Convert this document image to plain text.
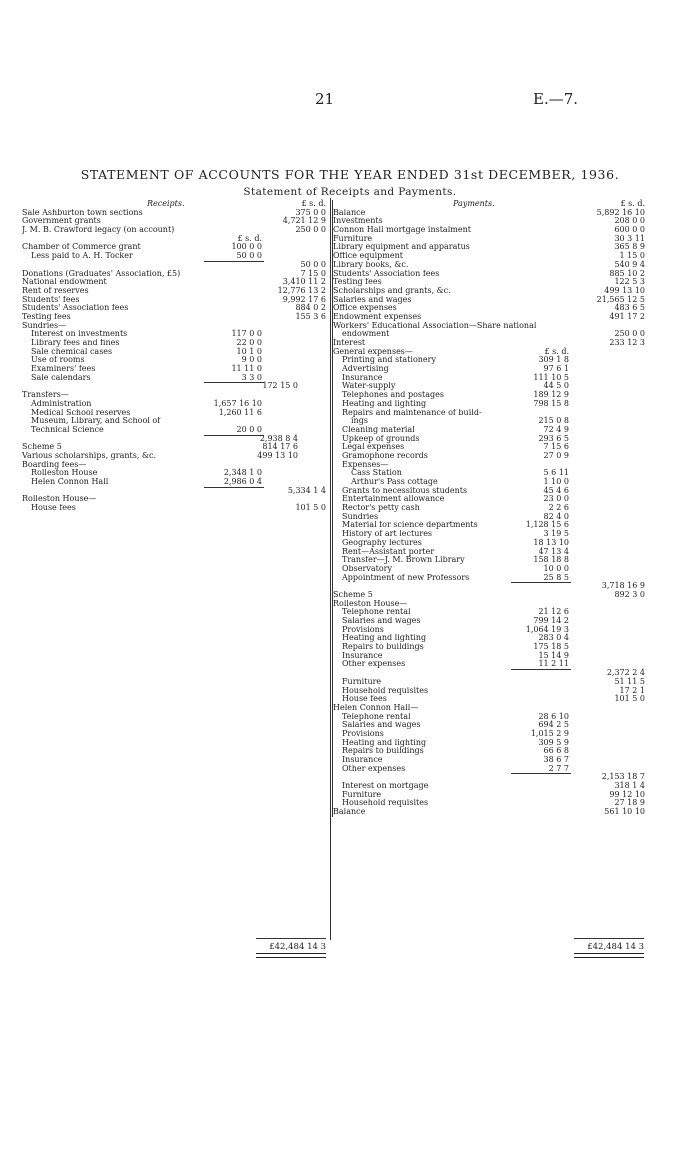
21	E.—7.
STATEMENT OF ACCOUNTS FOR THE YEAR ENDED 31st DECEMBER, 1936.
Statement of Receipts and Payments.
Receipts.	£ s. d.
Sale Ashburton town sections	375 0 0
Government grants	4,721 12 9
J. M. B. Crawford legacy (on account)	250 0 0
£ s. d.
Chamber of Commerce grant	100 0 0
Less paid to A. H. Tocker	50 0 0
50 0 0
Donations (Graduates' Association, £5)	7 15 0
National endowment	3,410 11 2
Rent of reserves	12,776 13 2
Students' fees	9,992 17 6
Students' Association fees	884 0 2
Testing fees	155 3 6
Sundries—
Interest on investments	117 0 0
Library fees and fines	22 0 0
Sale chemical cases	10 1 0
Use of rooms	9 0 0
Examiners' fees	11 11 0
Sale calendars	3 3 0
172 15 0
Transfers—
Administration	1,657 16 10
Medical School reserves	1,260 11 6
Museum, Library, and School of
Technical Science	20 0 0
2,938 8 4
Scheme 5	814 17 6
Various scholarships, grants, &c.	499 13 10
Boarding fees—
Rolleston House	2,348 1 0
Helen Connon Hall	2,986 0 4
5,334 1 4
Rolleston House—
House fees	101 5 0
Payments.	£ s. d.
Balance	5,892 16 10
Investments	208 0 0
Connon Hall mortgage instalment	600 0 0
Furniture	30 3 11
Library equipment and apparatus	365 8 9
Office equipment	1 15 0
Library books, &c.	540 9 4
Students' Association fees	885 10 2
Testing fees	122 5 3
Scholarships and grants, &c.	499 13 10
Salaries and wages	21,565 12 5
Office expenses	483 6 5
Endowment expenses	491 17 2
Workers' Educational Association—Share national
endowment	250 0 0
Interest	233 12 3
General expenses—	£ s. d.
Printing and stationery	309 1 8
Advertising	97 6 1
Insurance	111 10 5
Water-supply	44 5 0
Telephones and postages	189 12 9
Heating and lighting	798 15 8
Repairs and maintenance of build-
ings	215 0 8
Cleaning material	72 4 9
Upkeep of grounds	293 6 5
Legal expenses	7 15 6
Gramophone records	27 0 9
Expenses—
Cass Station	5 6 11
Arthur's Pass cottage	1 10 0
Grants to necessitous students	45 4 6
Entertainment allowance	23 0 0
Rector's petty cash	2 2 6
Sundries	82 4 0
Material for science departments	1,128 15 6
History of art lectures	3 19 5
Geography lectures	18 13 10
Rent—Assistant porter	47 13 4
Transfer—J. M. Brown Library	158 18 8
Observatory	10 0 0
Appointment of new Professors	25 8 5
3,718 16 9
Scheme 5	892 3 0
Rolleston House—
Telephone rental	21 12 6
Salaries and wages	799 14 2
Provisions	1,064 19 3
Heating and lighting	283 0 4
Repairs to buildings	175 18 5
Insurance	15 14 9
Other expenses	11 2 11
2,372 2 4
Furniture	51 11 5
Household requisites	17 2 1
House fees	101 5 0
Helen Connon Hall—
Telephone rental	28 6 10
Salaries and wages	694 2 5
Provisions	1,015 2 9
Heating and lighting	309 5 9
Repairs to buildings	66 6 8
Insurance	38 6 7
Other expenses	2 7 7
2,153 18 7
Interest on mortgage	318 1 4
Furniture	99 12 10
Household requisites	27 18 9
Balance	561 10 10
£42,484 14 3	£42,484 14 3
